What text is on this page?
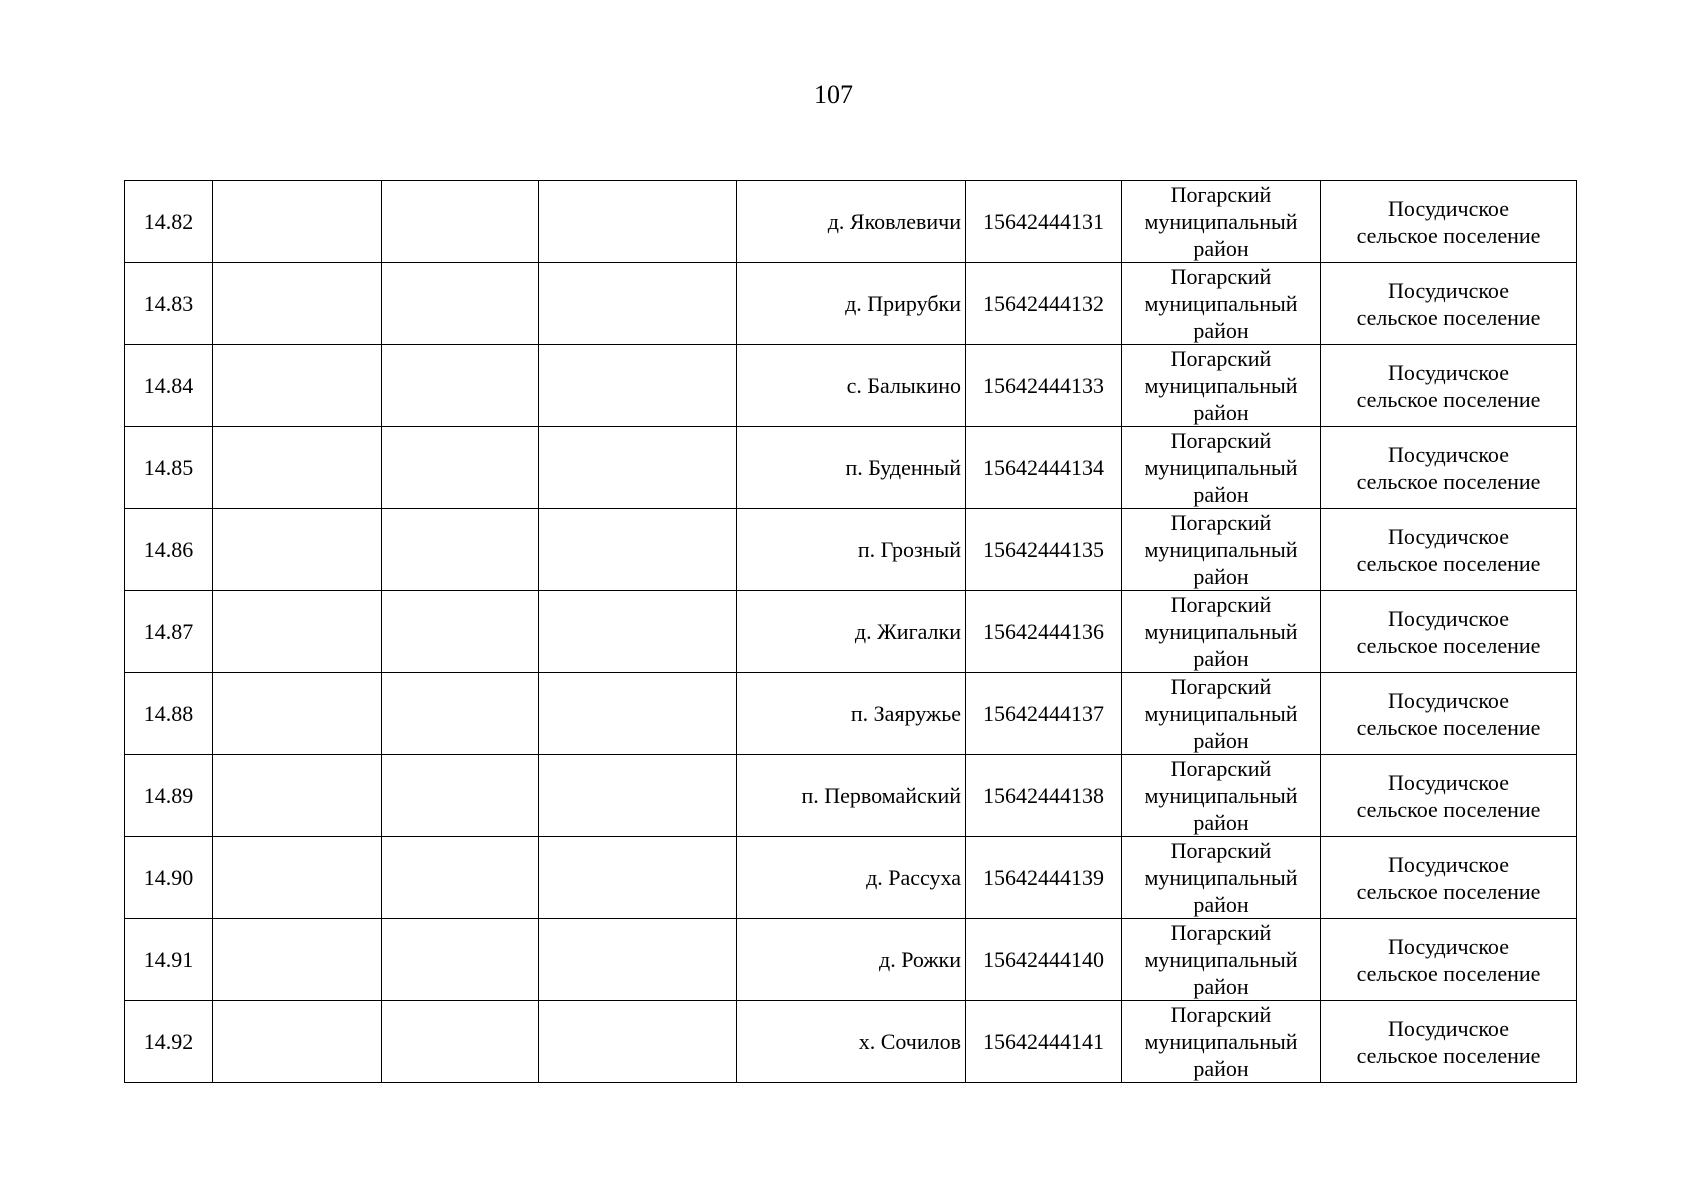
107
14.82				д. Яковлевичи	15642444131	Погарский
муниципальный
район	Посудичское
сельское поселение

14.83				д. Прирубки	15642444132	Погарский
муниципальный
район	Посудичское
сельское поселение

14.84				с. Балыкино	15642444133	Погарский
муниципальный
район	Посудичское
сельское поселение

14.85				п. Буденный	15642444134	Погарский
муниципальный
район	Посудичское
сельское поселение

14.86				п. Грозный	15642444135	Погарский
муниципальный
район	Посудичское
сельское поселение

14.87				д. Жигалки	15642444136	Погарский
муниципальный
район	Посудичское
сельское поселение

14.88				п. Заяружье	15642444137	Погарский
муниципальный
район	Посудичское
сельское поселение

14.89				п. Первомайский	15642444138	Погарский
муниципальный
район	Посудичское
сельское поселение

14.90				д. Рассуха	15642444139	Погарский
муниципальный
район	Посудичское
сельское поселение

14.91				д. Рожки	15642444140	Погарский
муниципальный
район	Посудичское
сельское поселение

14.92				х. Сочилов	15642444141	Погарский
муниципальный
район	Посудичское
сельское поселение
